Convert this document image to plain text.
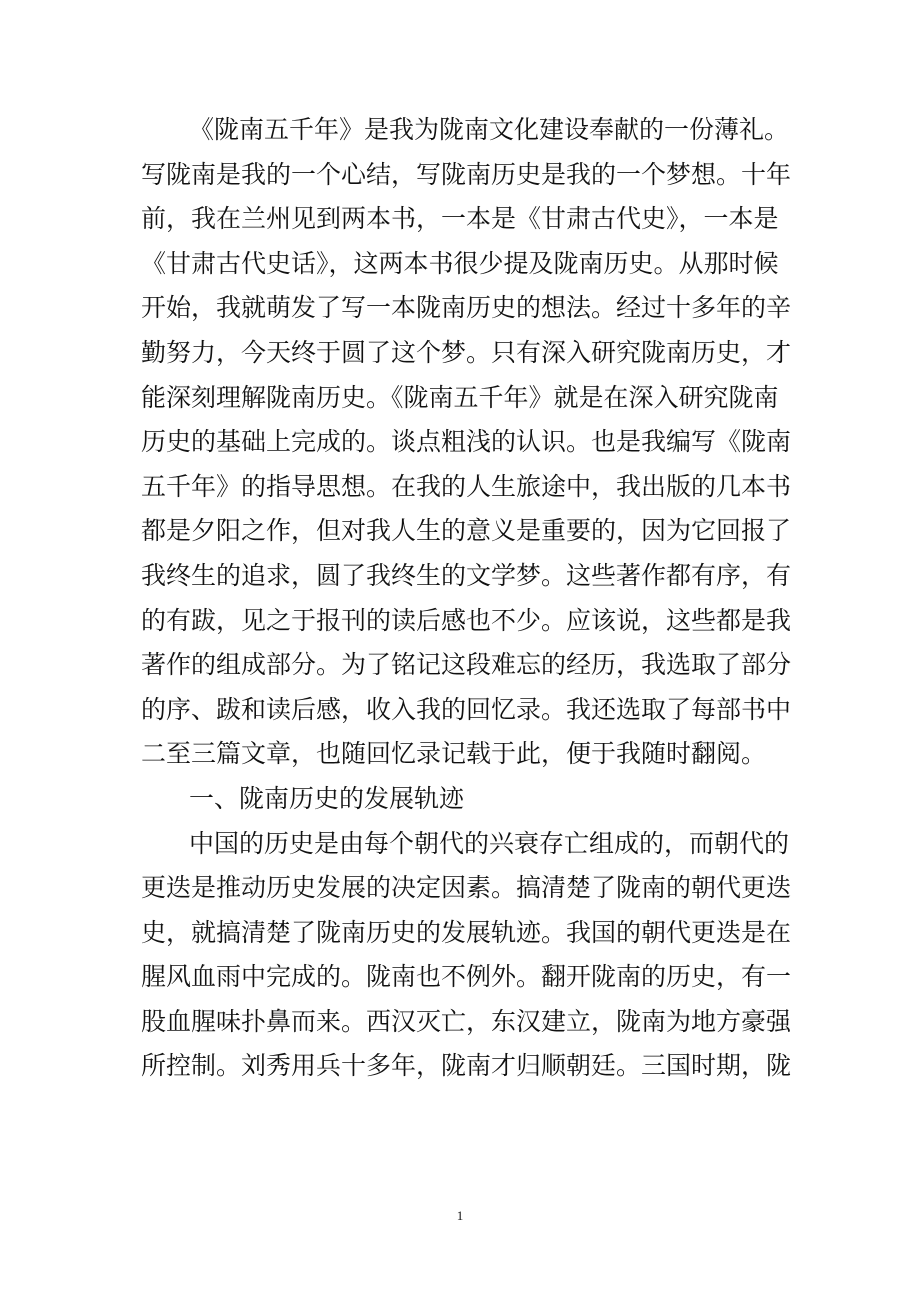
《陇南五千年》是我为陇南文化建设奉献的一份薄礼。
写陇南是我的一个心结，写陇南历史是我的一个梦想。十年
前，我在兰州见到两本书，一本是《甘肃古代史》，一本是
《甘肃古代史话》，这两本书很少提及陇南历史。从那时候
开始，我就萌发了写一本陇南历史的想法。经过十多年的辛
勤努力，今天终于圆了这个梦。只有深入研究陇南历史，才
能深刻理解陇南历史。《陇南五千年》就是在深入研究陇南
历史的基础上完成的。谈点粗浅的认识。也是我编写《陇南
五千年》的指导思想。在我的人生旅途中，我出版的几本书
都是夕阳之作，但对我人生的意义是重要的，因为它回报了
我终生的追求，圆了我终生的文学梦。这些著作都有序，有
的有跋，见之于报刊的读后感也不少。应该说，这些都是我
著作的组成部分。为了铭记这段难忘的经历，我选取了部分
的序、跋和读后感，收入我的回忆录。我还选取了每部书中
二至三篇文章，也随回忆录记载于此，便于我随时翻阅。
一、陇南历史的发展轨迹
中国的历史是由每个朝代的兴衰存亡组成的，而朝代的
更迭是推动历史发展的决定因素。搞清楚了陇南的朝代更迭
史，就搞清楚了陇南历史的发展轨迹。我国的朝代更迭是在
腥风血雨中完成的。陇南也不例外。翻开陇南的历史，有一
股血腥味扑鼻而来。西汉灭亡，东汉建立，陇南为地方豪强
所控制。刘秀用兵十多年，陇南才归顺朝廷。三国时期，陇
1
